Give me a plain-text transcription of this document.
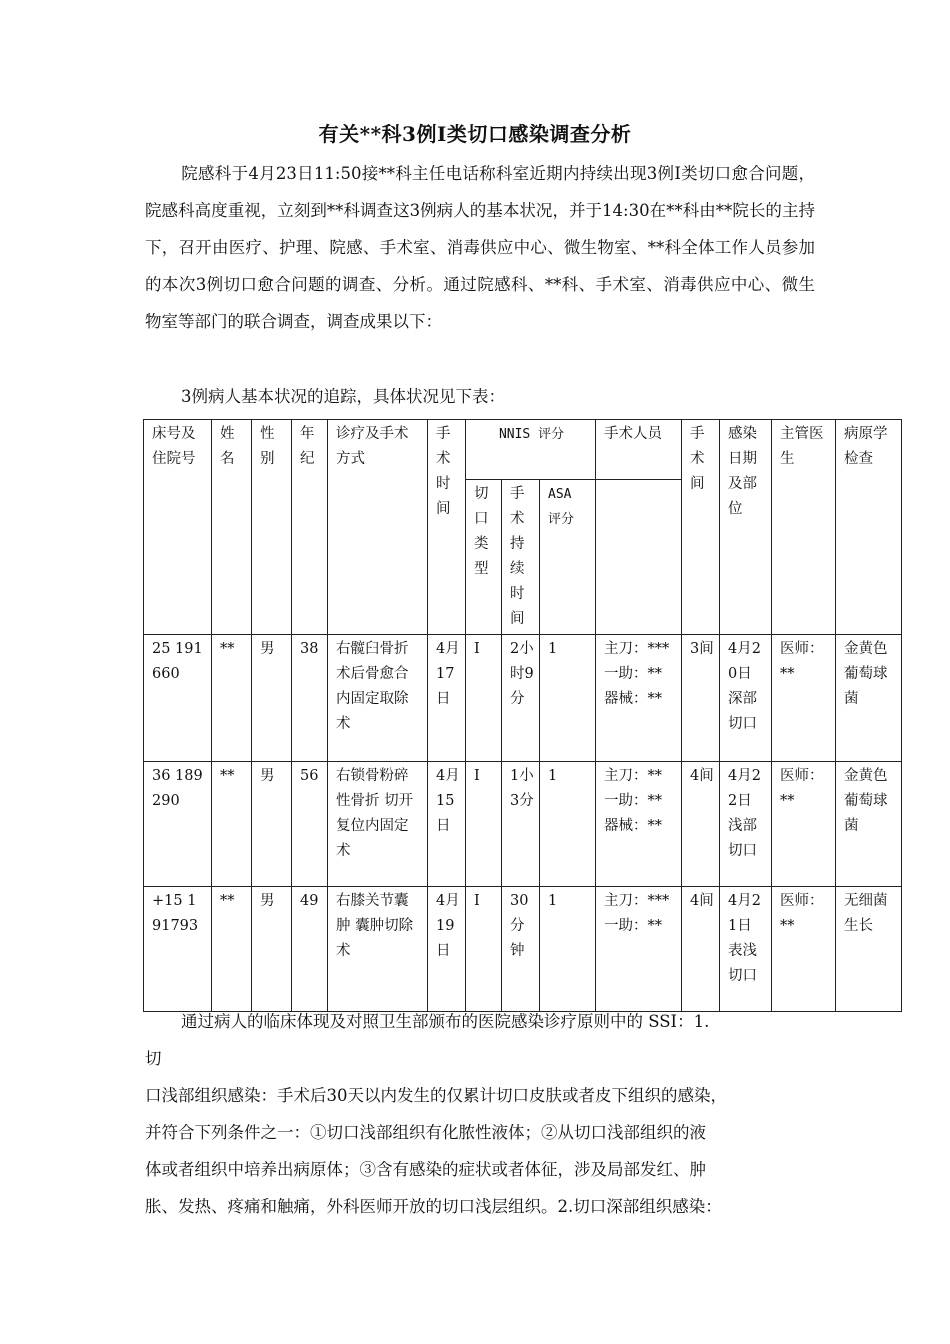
有关**科3例Ⅰ类切口感染调查分析
院感科于4月23日11:50接**科主任电话称科室近期内持续出现3例Ⅰ类切口愈合问题，院感科高度重视，立刻到**科调查这3例病人的基本状况，并于14:30在**科由**院长的主持下，召开由医疗、护理、院感、手术室、消毒供应中心、微生物室、**科全体工作人员参加的本次3例切口愈合问题的调查、分析。通过院感科、**科、手术室、消毒供应中心、微生物室等部门的联合调查，调查成果以下：
3例病人基本状况的追踪，具体状况见下表：
床号及住院号	姓名	性别	年纪	诊疗及手术方式	手术时间	NNIS 评分			手术人员	手术间	感染日期及部位	主管医生	病原学检查
						切口类型	手术持续时间	ASA 评分					
25 191660	**	男	38	右髋臼骨折术后骨愈合 内固定取除术	4月17日	Ⅰ	2小时9分	1	主刀：*** 一助：** 器械：**	3间	4月20日深部切口	医师：**	金黄色葡萄球菌
36 189290	**	男	56	右锁骨粉碎性骨折 切开复位内固定术	4月15日	Ⅰ	1小3分	1	主刀：** 一助：** 器械：**	4间	4月22日浅部切口	医师：**	金黄色葡萄球菌
+15 191793	**	男	49	右膝关节囊肿 囊肿切除术	4月19日	Ⅰ	30分钟	1	主刀：*** 一助：**	4间	4月21日表浅切口	医师：**	无细菌生长
通过病人的临床体现及对照卫生部颁布的医院感染诊疗原则中的 SSI：1.
切
口浅部组织感染：手术后30天以内发生的仅累计切口皮肤或者皮下组织的感染，
并符合下列条件之一：①切口浅部组织有化脓性液体；②从切口浅部组织的液
体或者组织中培养出病原体；③含有感染的症状或者体征，涉及局部发红、肿
胀、发热、疼痛和触痛，外科医师开放的切口浅层组织。2.切口深部组织感染：
